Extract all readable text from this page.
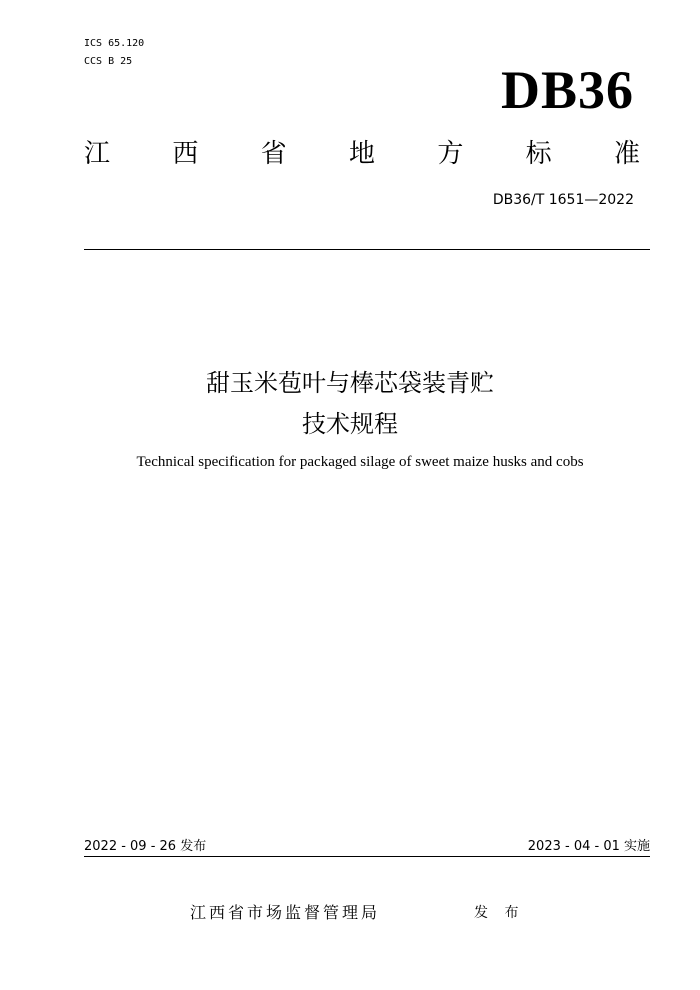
ICS 65.120
CCS B 25	DB36
江 西 省 地 方 标 准
DB36/T 1651—2022
甜玉米苞叶与棒芯袋装青贮
技术规程
Technical specification for packaged silage of sweet maize husks and cobs
2022 - 09 - 26 发布	2023 - 04 - 01 实施
江西省市场监督管理局	发 布
